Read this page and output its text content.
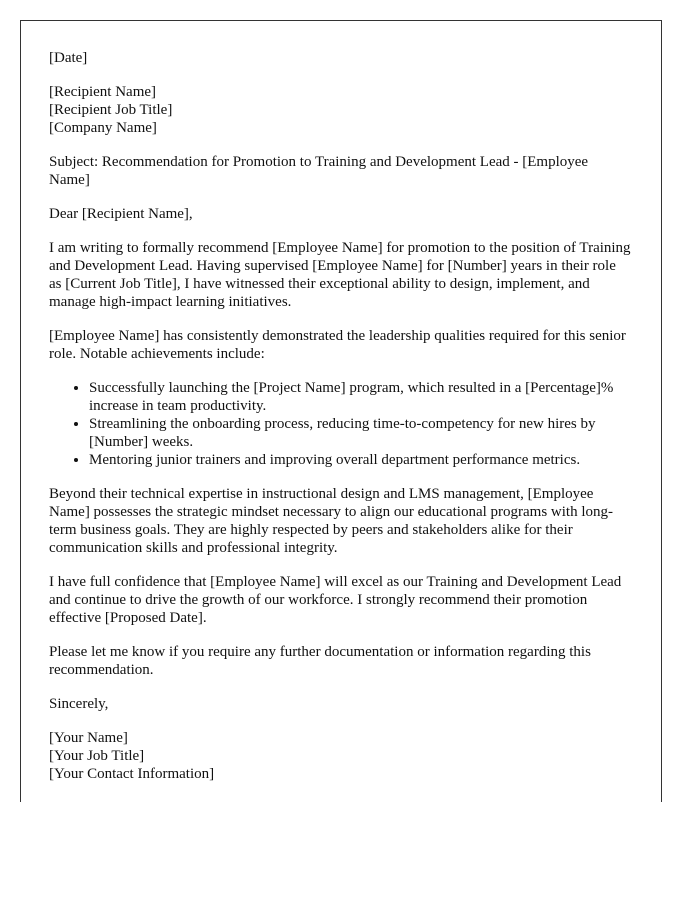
[Date]

[Recipient Name]
[Recipient Job Title]
[Company Name]

Subject: Recommendation for Promotion to Training and Development Lead - [Employee Name]

Dear [Recipient Name],

I am writing to formally recommend [Employee Name] for promotion to the position of Training and Development Lead. Having supervised [Employee Name] for [Number] years in their role as [Current Job Title], I have witnessed their exceptional ability to design, implement, and manage high-impact learning initiatives.

[Employee Name] has consistently demonstrated the leadership qualities required for this senior role. Notable achievements include:

• Successfully launching the [Project Name] program, which resulted in a [Percentage]% increase in team productivity.
• Streamlining the onboarding process, reducing time-to-competency for new hires by [Number] weeks.
• Mentoring junior trainers and improving overall department performance metrics.

Beyond their technical expertise in instructional design and LMS management, [Employee Name] possesses the strategic mindset necessary to align our educational programs with long-term business goals. They are highly respected by peers and stakeholders alike for their communication skills and professional integrity.

I have full confidence that [Employee Name] will excel as our Training and Development Lead and continue to drive the growth of our workforce. I strongly recommend their promotion effective [Proposed Date].

Please let me know if you require any further documentation or information regarding this recommendation.

Sincerely,

[Your Name]
[Your Job Title]
[Your Contact Information]
